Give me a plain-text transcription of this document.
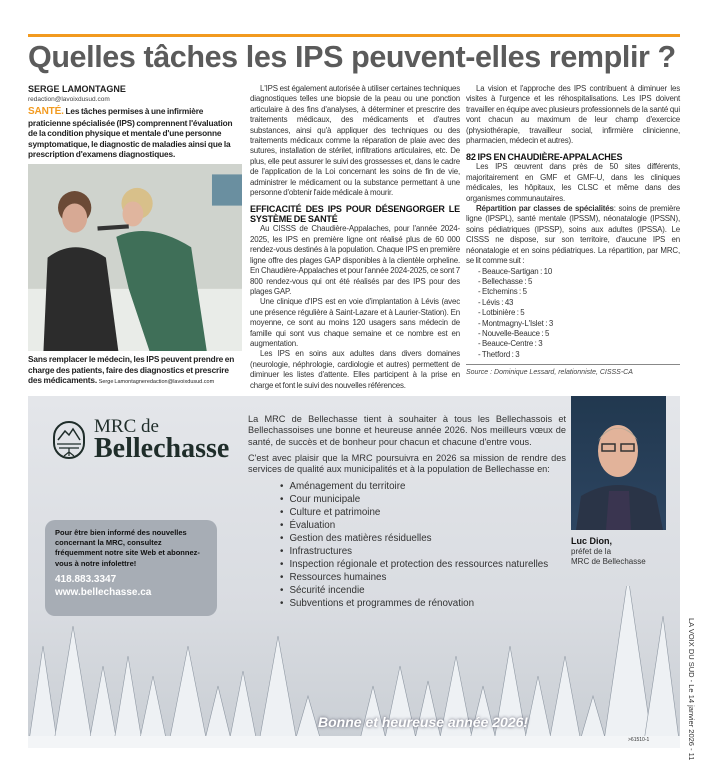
Quelles tâches les IPS peuvent-elles remplir ?
SERGE LAMONTAGNE
redaction@lavoixdusud.com
SANTÉ. Les tâches permises à une infirmière praticienne spécialisée (IPS) comprennent l'évaluation de la condition physique et mentale d'une personne symptomatique, le diagnostic de maladies ainsi que la prescription d'examens diagnostiques.
Sans remplacer le médecin, les IPS peuvent prendre en charge des patients, faire des diagnostics et prescrire des médicaments. Serge Lamontagneredaction@lavoixdusud.com

L'IPS est également autorisée à utiliser certaines techniques diagnostiques telles une biopsie de la peau ou une ponction articulaire à des fins d'analyses, à déterminer et prescrire des traitements médicaux, des médicaments et d'autres substances, ainsi qu'à appliquer des techniques ou des traitements médicaux comme la réparation de plaie avec des sutures, installation de stérilet, infiltrations articulaires, etc. De plus, elle peut assurer le suivi des grossesses et, dans le cadre de l'application de la Loi concernant les soins de fin de vie, administrer le médicament ou la substance permettant à une personne d'obtenir l'aide médicale à mourir.

EFFICACITÉ DES IPS POUR DÉSENGORGER LE SYSTÈME DE SANTÉ

Au CISSS de Chaudière-Appalaches, pour l'année 2024-2025, les IPS en première ligne ont réalisé plus de 60 000 rendez-vous destinés à la population. Chaque IPS en première ligne offre des plages GAP disponibles à la clientèle orpheline. En Chaudière-Appalaches et pour l'année 2024-2025, ce sont 7 800 rendez-vous qui ont été réalisés par des IPS pour des plages GAP.

Une clinique d'IPS est en voie d'implantation à Lévis (avec une présence régulière à Saint-Lazare et à Laurier-Station). En moyenne, ce sont au moins 120 usagers sans médecin de famille qui sont vus chaque semaine et ce nombre est en augmentation.

Les IPS en soins aux adultes dans divers domaines (neurologie, néphrologie, cardiologie et autres) permettent de diminuer les listes d'attente. Elles participent à la prise en charge et font le suivi des nouvelles références.

La vision et l'approche des IPS contribuent à diminuer les visites à l'urgence et les réhospitalisations. Les IPS doivent travailler en équipe avec plusieurs professionnels de la santé qui vont chacun au maximum de leur champ d'exercice (physiothérapie, travailleur social, infirmière clinicienne, pharmacien, médecin et autres).

82 IPS EN CHAUDIÈRE-APPALACHES

Les IPS œuvrent dans près de 50 sites différents, majoritairement en GMF et GMF-U, dans les cliniques médicales, les hôpitaux, les CLSC et même dans des organismes communautaires.

Répartition par classes de spécialités: soins de première ligne (IPSPL), santé mentale (IPSSM), néonatalogie (IPSSN), soins pédiatriques (IPSSP), soins aux adultes (IPSSA). Le CISSS ne dispose, sur son territoire, d'aucune IPS en néonatalogie et en soins pédiatriques. La répartition, par MRC, se lit comme suit :

- Beauce-Sartigan : 10
- Bellechasse : 5
- Etchemins : 5
- Lévis : 43
- Lotbinière : 5
- Montmagny-L'Islet : 3
- Nouvelle-Beauce : 5
- Beauce-Centre : 3
- Thetford : 3
Source : Dominique Lessard, relationniste, CISSS-CA
MRC de
Bellechasse
Pour être bien informé des nouvelles concernant la MRC, consultez fréquemment notre site Web et abonnez-vous à notre infolettre!
418.883.3347
www.bellechasse.ca

La MRC de Bellechasse tient à souhaiter à tous les Bellechassois et Bellechassoises une bonne et heureuse année 2026. Nos meilleurs vœux de santé, de succès et de bonheur pour chacun et chacune d'entre vous.

C'est avec plaisir que la MRC poursuivra en 2026 sa mission de rendre des services de qualité aux municipalités et à la population de Bellechasse en:

• Aménagement du territoire
• Cour municipale
• Culture et patrimoine
• Évaluation
• Gestion des matières résiduelles
• Infrastructures
• Inspection régionale et protection des ressources naturelles
• Ressources humaines
• Sécurité incendie
• Subventions et programmes de rénovation
Luc Dion,
préfet de la
MRC de Bellechasse
Bonne et heureuse année 2026!
>61510-1	LA VOIX DU SUD - Le 14 janvier 2026 - 11
